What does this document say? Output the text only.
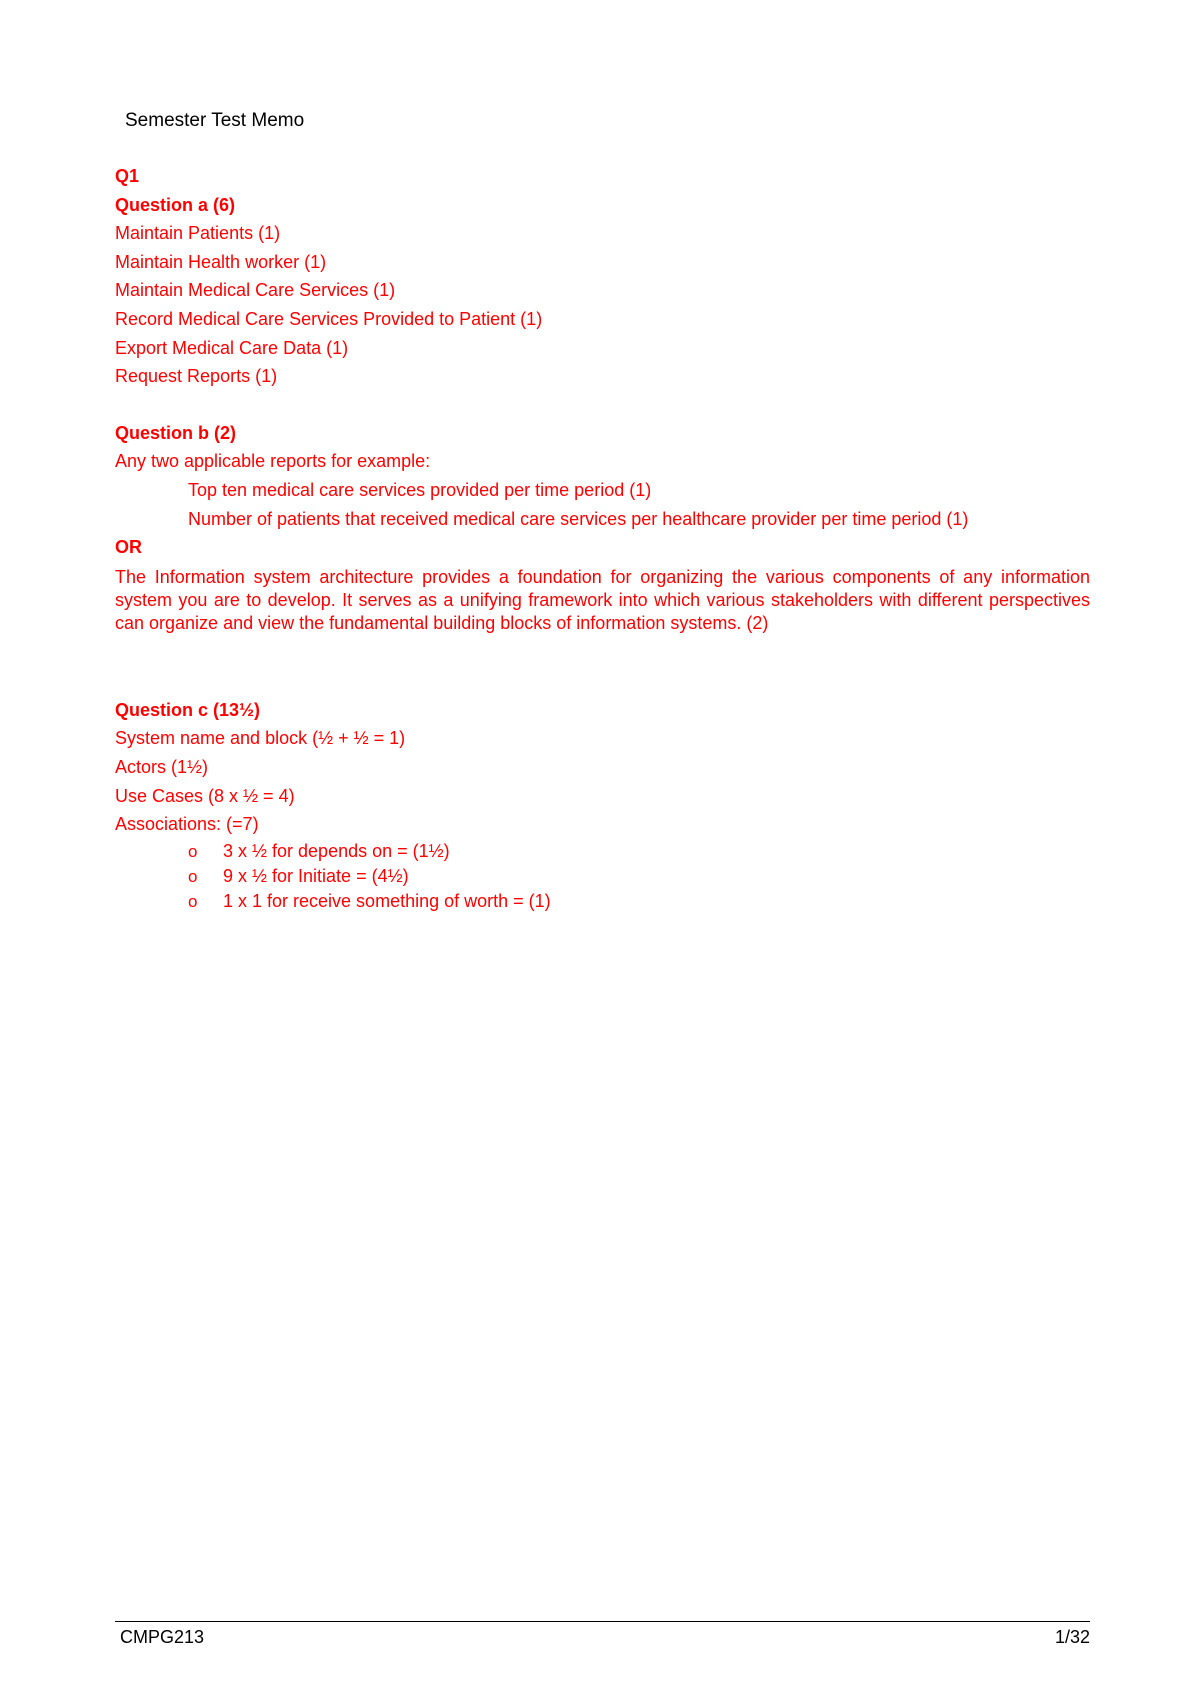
Semester Test Memo
Q1
Question a (6)
Maintain Patients (1)
Maintain Health worker (1)
Maintain Medical Care Services (1)
Record Medical Care Services Provided to Patient (1)
Export Medical Care Data (1)
Request Reports (1)
Question b (2)
Any two applicable reports for example:
Top ten medical care services provided per time period (1)
Number of patients that received medical care services per healthcare provider per time period (1)
OR
The Information system architecture provides a foundation for organizing the various components of any information system you are to develop. It serves as a unifying framework into which various stakeholders with different perspectives can organize and view the fundamental building blocks of information systems. (2)
Question c (13½)
System name and block (½ + ½ = 1)
Actors (1½)
Use Cases (8 x ½ = 4)
Associations: (=7)
o 3 x ½ for depends on = (1½)
o 9 x ½ for Initiate = (4½)
o 1 x 1 for receive something of worth = (1)
CMPG213	1/32
